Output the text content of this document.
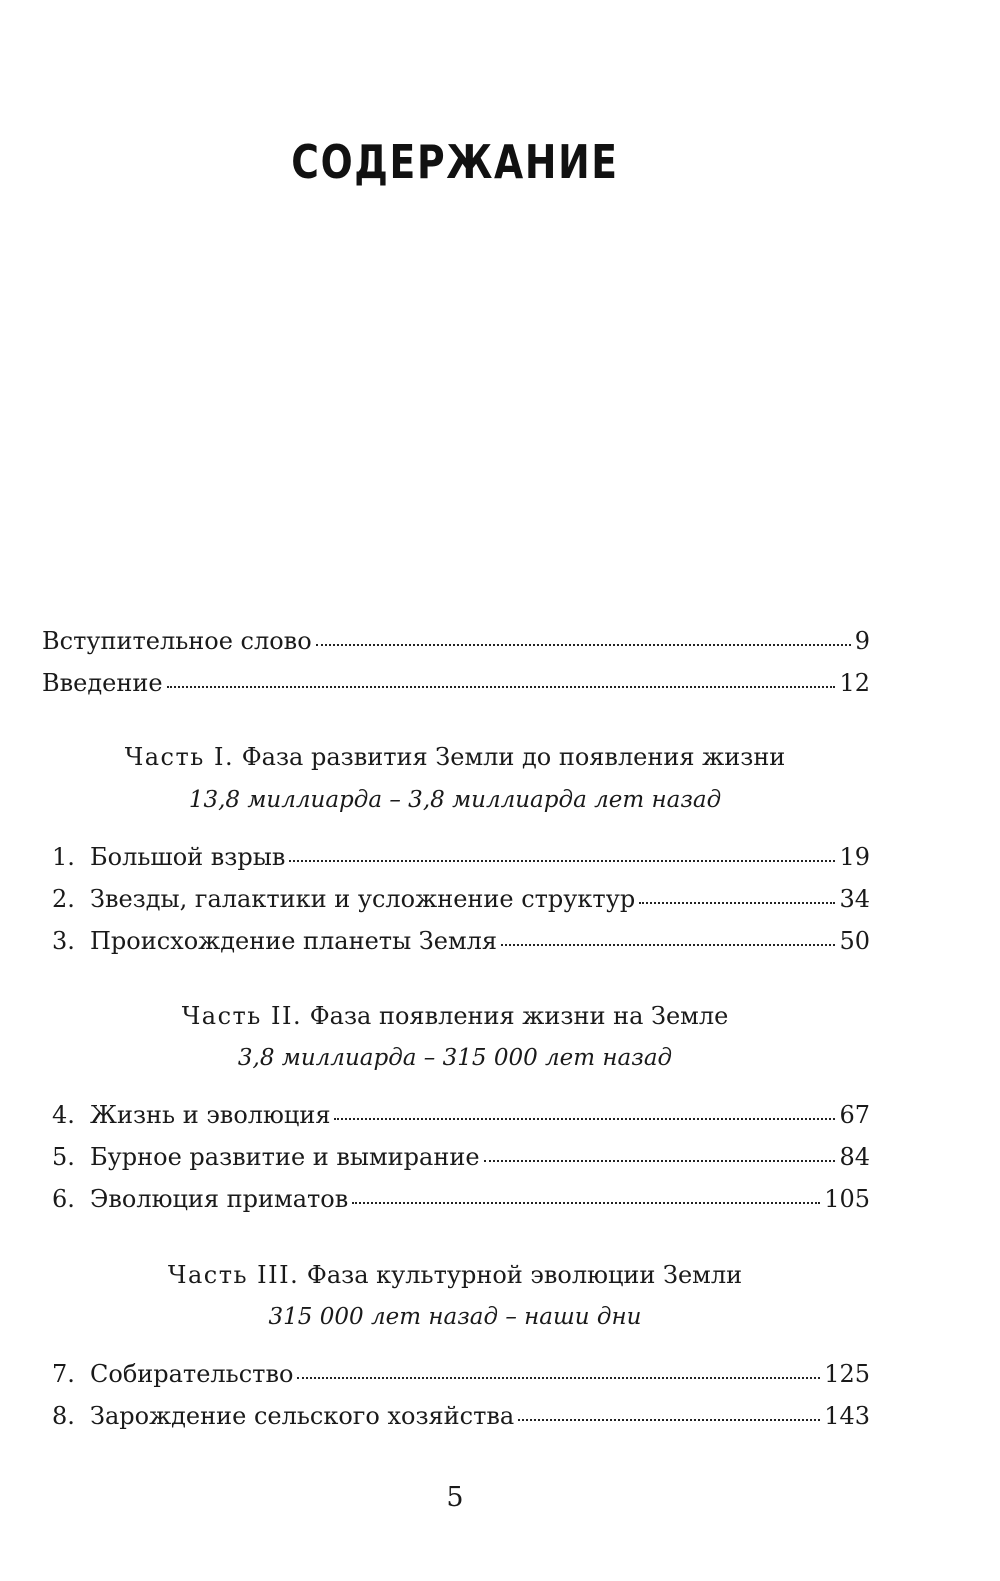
СОДЕРЖАНИЕ
Вступительное слово	9
Введение	12
Часть I. Фаза развития Земли до появления жизни
13,8 миллиарда – 3,8 миллиарда лет назад
1. Большой взрыв	19
2. Звезды, галактики и усложнение структур	34
3. Происхождение планеты Земля	50
Часть II. Фаза появления жизни на Земле
3,8 миллиарда – 315 000 лет назад
4. Жизнь и эволюция	67
5. Бурное развитие и вымирание	84
6. Эволюция приматов	105
Часть III. Фаза культурной эволюции Земли
315 000 лет назад – наши дни
7. Собирательство	125
8. Зарождение сельского хозяйства	143
5
